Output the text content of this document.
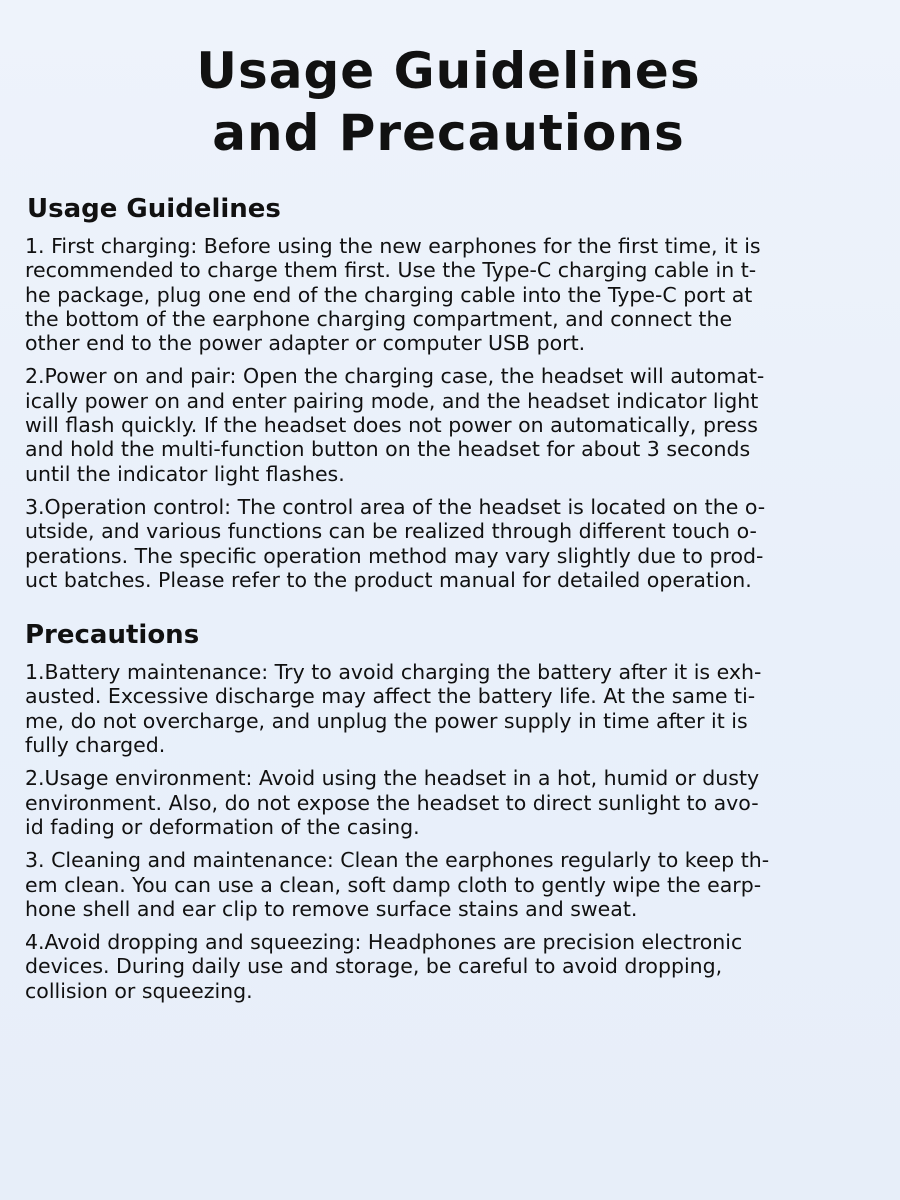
Usage Guidelines
and Precautions
Usage Guidelines

1. First charging: Before using the new earphones for the first time, it is
recommended to charge them first. Use the Type-C charging cable in t-
he package, plug one end of the charging cable into the Type-C port at
the bottom of the earphone charging compartment, and connect the
other end to the power adapter or computer USB port.

2.Power on and pair: Open the charging case, the headset will automat-
ically power on and enter pairing mode, and the headset indicator light
will flash quickly. If the headset does not power on automatically, press
and hold the multi-function button on the headset for about 3 seconds
until the indicator light flashes.

3.Operation control: The control area of the headset is located on the o-
utside, and various functions can be realized through different touch o-
perations. The specific operation method may vary slightly due to prod-
uct batches. Please refer to the product manual for detailed operation.

Precautions

1.Battery maintenance: Try to avoid charging the battery after it is exh-
austed. Excessive discharge may affect the battery life. At the same ti-
me, do not overcharge, and unplug the power supply in time after it is
fully charged.

2.Usage environment: Avoid using the headset in a hot, humid or dusty
environment. Also, do not expose the headset to direct sunlight to avo-
id fading or deformation of the casing.

3. Cleaning and maintenance: Clean the earphones regularly to keep th-
em clean. You can use a clean, soft damp cloth to gently wipe the earp-
hone shell and ear clip to remove surface stains and sweat.

4.Avoid dropping and squeezing: Headphones are precision electronic
devices. During daily use and storage, be careful to avoid dropping,
collision or squeezing.
